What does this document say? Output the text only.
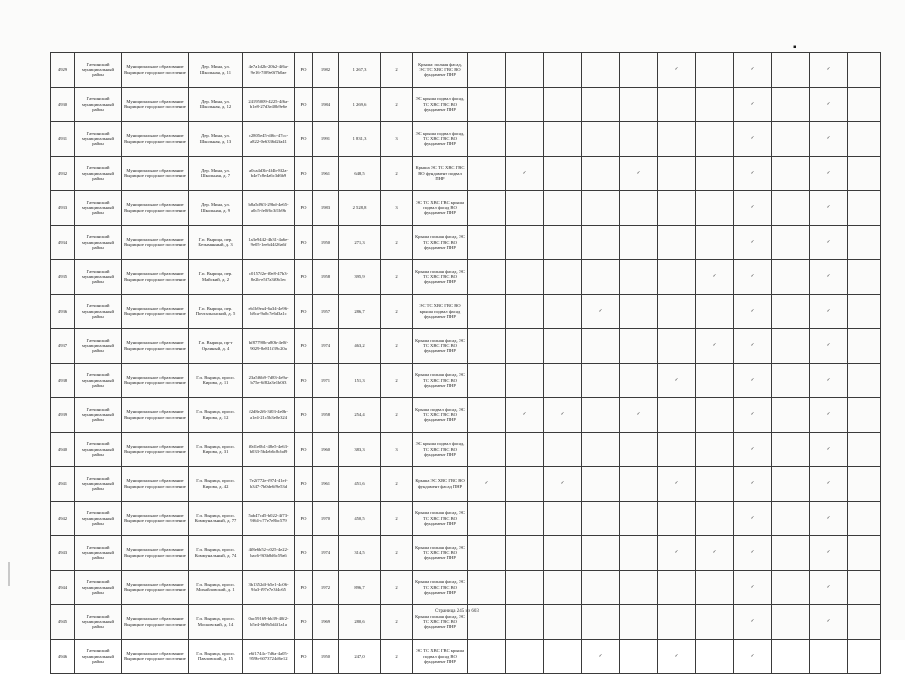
▪
4929	Гатчинский муниципальный район	Муниципальное образование Вырицкое городское поселение	Дер. Мина, ул. Школьная, д. 11	4e7a1d2b-20b2-4f6a-9e16-7f09e0f7b0ae	РО	1982	1 267,3	2	Крыша: полная фасад, ЭС ТС ХВС ГВС ВО фундамент ПНР						✓		✓		✓	
4930	Гатчинский муниципальный район	Муниципальное образование Вырицкое городское поселение	Дер. Мина, ул. Школьная, д. 12	24195009-4225-4f6a-b1e8-27d3e40b9e6e	РО	1984	1 269,6	2	ЭС крыша подвал фасад, ТС ХВС ГВС ВО фундамент ПНР								✓		✓	
4931	Гатчинский муниципальный район	Муниципальное образование Вырицкое городское поселение	Дер. Мина, ул. Школьная, д. 13	c2805e45-df6c-47cc-a822-0e6336d2fa41	РО	1991	1 831,3	3	ЭС крыша подвал фасад, ТС ХВС ГВС ВО фундамент ПНР								✓		✓	
4932	Гатчинский муниципальный район	Муниципальное образование Вырицкое городское поселение	Дер. Мина, ул. Школьная, д. 7	a0ca4d3b-4f4b-8f2a-b4e7c8e4a6c3d6b9	РО	1961	648,5	2	Крыша ЭС ТС ХВС ГВС ВО фундамент подвал ПНР		✓			✓			✓		✓	
4933	Гатчинский муниципальный район	Муниципальное образование Вырицкое городское поселение	Дер. Мина, ул. Школьная, д. 9	b8a5d9f3-29bd-4e65-a0c5-fe0f6c3f1b9b	РО	1983	2 528,8	3	ЭС ТС ХВС ГВС крыша подвал фасад ВО фундамент ПНР								✓		✓	
4934	Гатчинский муниципальный район	Муниципальное образование Вырицкое городское поселение	Г.п. Вырица, пер. Безымянный, д. 3	1a3e9442-4b31-4a6e-9e05-1eeb44f26a6f	РО	1950	271,3	2	Крыша полная фасад, ЭС ТС ХВС ГВС ВО фундамент ПНР								✓		✓	
4935	Гатчинский муниципальный район	Муниципальное образование Вырицкое городское поселение	Г.п. Вырица, пер. Майский, д. 2	c0157f2e-f0e8-47b3-8e2b-e5f7a3f0b1ec	РО	1958	395,9	2	Крыша полная фасад, ЭС ТС ХВС ГВС ВО фундамент ПНР							✓	✓		✓	
4936	Гатчинский муниципальный район	Муниципальное образование Вырицкое городское поселение	Г.п. Вырица, пер. Почтальонский, д. 5	eb1b9ea4-6a34-4e96-b8ca-9a0c7e6d3a1c	РО	1957	286,7	2	ЭС ТС ХВС ГВС ВО крыша подвал фасад фундамент ПНР				✓				✓		✓	
4937	Гатчинский муниципальный район	Муниципальное образование Вырицкое городское поселение	Г.п. Вырица, пр-т Орлиный, д. 4	bf87790b-a80b-4e0f-9029-8e811f39c20a	РО	1974	463,2	2	Крыша полная фасад, ЭС ТС ХВС ГВС ВО фундамент ПНР							✓	✓		✓	
4938	Гатчинский муниципальный район	Муниципальное образование Вырицкое городское поселение	Г.п. Вырица, просп. Кирова, д. 11	23a5f6b9-7d83-4e9a-b75e-6f82a3e1b0f3	РО	1971	151,3	2	Крыша полная фасад, ЭС ТС ХВС ГВС ВО фундамент ПНР						✓		✓		✓	
4939	Гатчинский муниципальный район	Муниципальное образование Вырицкое городское поселение	Г.п. Вырица, просп. Кирова, д. 12	f2d8e2f6-3f03-4e0b-a1e4-21c5b3e0e324	РО	1958	254,4	2	Крыша подвал фасад, ЭС ТС ХВС ГВС ВО фундамент ПНР		✓	✓		✓			✓		✓	
4940	Гатчинский муниципальный район	Муниципальное образование Вырицкое городское поселение	Г.п. Вырица, просп. Кирова, д. 31	f0d1e0b1-48e5-4e63-b033-5b4eb6c8cbd9	РО	1960	383,3	3	ЭС крыша подвал фасад, ТС ХВС ГВС ВО фундамент ПНР								✓		✓	
4941	Гатчинский муниципальный район	Муниципальное образование Вырицкое городское поселение	Г.п. Вырица, просп. Кирова, д. 42	7e2f772e-f974-41ef-b347-7b0de6f9e53d	РО	1961	451,6	2	Крыша ЭС ХВС ГВС ВО фундамент фасад ПНР	✓		✓			✓		✓		✓	
4942	Гатчинский муниципальный район	Муниципальное образование Вырицкое городское поселение	Г.п. Вырица, просп. Коммунальный, д. 77	5ab47cd5-b022-4f73-9f64-c77e7e8bc579	РО	1970	450,5	2	Крыша полная фасад, ЭС ТС ХВС ГВС ВО фундамент ПНР								✓		✓	
4943	Гатчинский муниципальный район	Муниципальное образование Вырицкое городское поселение	Г.п. Вырица, просп. Коммунальный, д. 74	4f8e6b52-c025-4e22-bac6-9f3b8d6c59a6	РО	1974	314,5	2	Крыша полная фасад, ЭС ТС ХВС ГВС ВО фундамент ПНР						✓	✓	✓		✓	
4944	Гатчинский муниципальный район	Муниципальное образование Вырицкое городское поселение	Г.п. Вырица, просп. Михайловский, д. 1	3b1352df-b5e1-4c06-9fa3-f97e7e3f4c65	РО	1972	896,7	2	Крыша полная фасад, ЭС ТС ХВС ГВС ВО фундамент ПНР								✓		✓	
4945	Гатчинский муниципальный район	Муниципальное образование Вырицкое городское поселение	Г.п. Вырица, просп. Московский, д. 14	0ac59169-bb39-40f2-b5e4-6b9b5d4f1a1a	РО	1969	280,6	2	Крыша полная фасад, ЭС ТС ХВС ГВС ВО фундамент ПНР								✓		✓	
4946	Гатчинский муниципальный район	Муниципальное образование Вырицкое городское поселение	Г.п. Вырица, просп. Павловский, д. 15	e6f1744c-7d6a-4a05-959b-6073724d6e12	РО	1950	247,0	2	ЭС ТС ХВС ГВС крыша подвал фасад ВО фундамент ПНР				✓		✓		✓			
Страница 245 из 603
